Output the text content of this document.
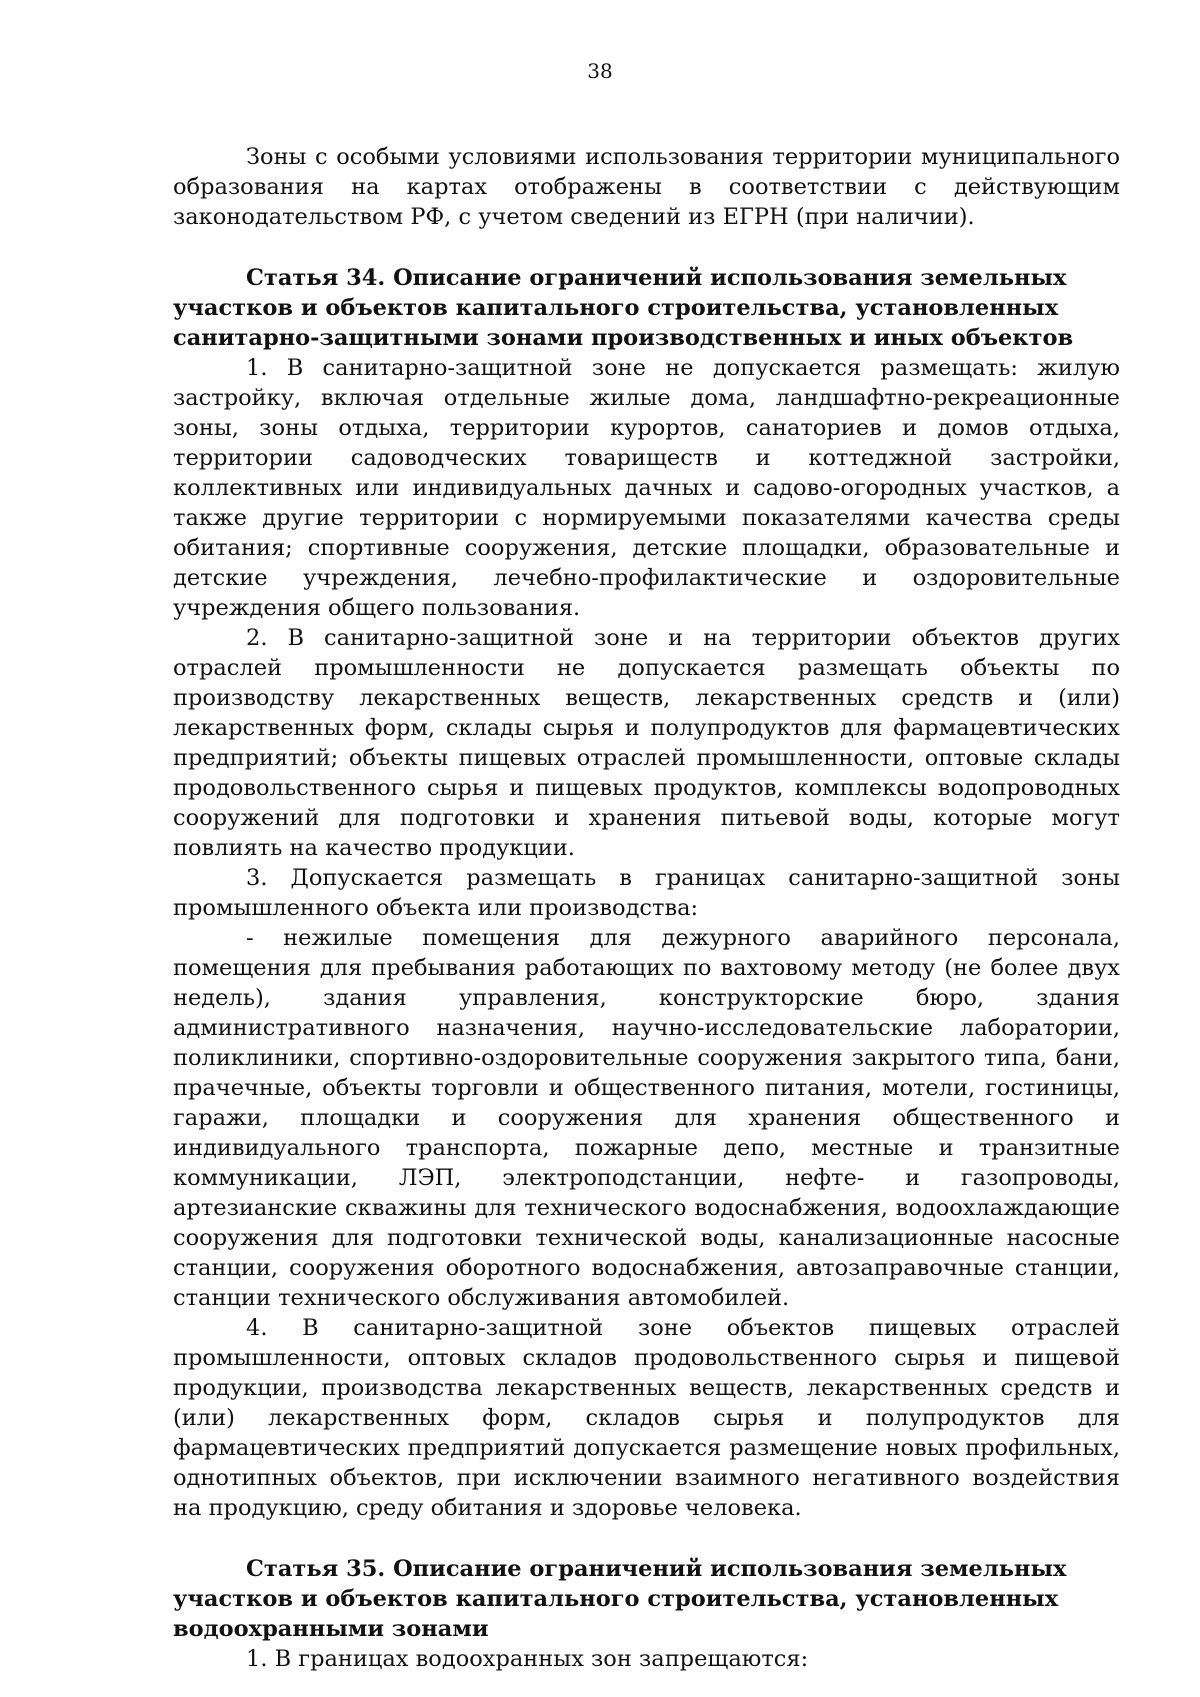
38

Зоны с особыми условиями использования территории муниципального образования на картах отображены в соответствии с действующим законодательством РФ, с учетом сведений из ЕГРН (при наличии).

Статья 34. Описание ограничений использования земельных участков и объектов капитального строительства, установленных санитарно-защитными зонами производственных и иных объектов

1. В санитарно-защитной зоне не допускается размещать: жилую застройку, включая отдельные жилые дома, ландшафтно-рекреационные зоны, зоны отдыха, территории курортов, санаториев и домов отдыха, территории садоводческих товариществ и коттеджной застройки, коллективных или индивидуальных дачных и садово-огородных участков, а также другие территории с нормируемыми показателями качества среды обитания; спортивные сооружения, детские площадки, образовательные и детские учреждения, лечебно-профилактические и оздоровительные учреждения общего пользования.

2. В санитарно-защитной зоне и на территории объектов других отраслей промышленности не допускается размещать объекты по производству лекарственных веществ, лекарственных средств и (или) лекарственных форм, склады сырья и полупродуктов для фармацевтических предприятий; объекты пищевых отраслей промышленности, оптовые склады продовольственного сырья и пищевых продуктов, комплексы водопроводных сооружений для подготовки и хранения питьевой воды, которые могут повлиять на качество продукции.

3. Допускается размещать в границах санитарно-защитной зоны промышленного объекта или производства:

- нежилые помещения для дежурного аварийного персонала, помещения для пребывания работающих по вахтовому методу (не более двух недель), здания управления, конструкторские бюро, здания административного назначения, научно-исследовательские лаборатории, поликлиники, спортивно-оздоровительные сооружения закрытого типа, бани, прачечные, объекты торговли и общественного питания, мотели, гостиницы, гаражи, площадки и сооружения для хранения общественного и индивидуального транспорта, пожарные депо, местные и транзитные коммуникации, ЛЭП, электроподстанции, нефте- и газопроводы, артезианские скважины для технического водоснабжения, водоохлаждающие сооружения для подготовки технической воды, канализационные насосные станции, сооружения оборотного водоснабжения, автозаправочные станции, станции технического обслуживания автомобилей.

4. В санитарно-защитной зоне объектов пищевых отраслей промышленности, оптовых складов продовольственного сырья и пищевой продукции, производства лекарственных веществ, лекарственных средств и (или) лекарственных форм, складов сырья и полупродуктов для фармацевтических предприятий допускается размещение новых профильных, однотипных объектов, при исключении взаимного негативного воздействия на продукцию, среду обитания и здоровье человека.

Статья 35. Описание ограничений использования земельных участков и объектов капитального строительства, установленных водоохранными зонами

1. В границах водоохранных зон запрещаются:
